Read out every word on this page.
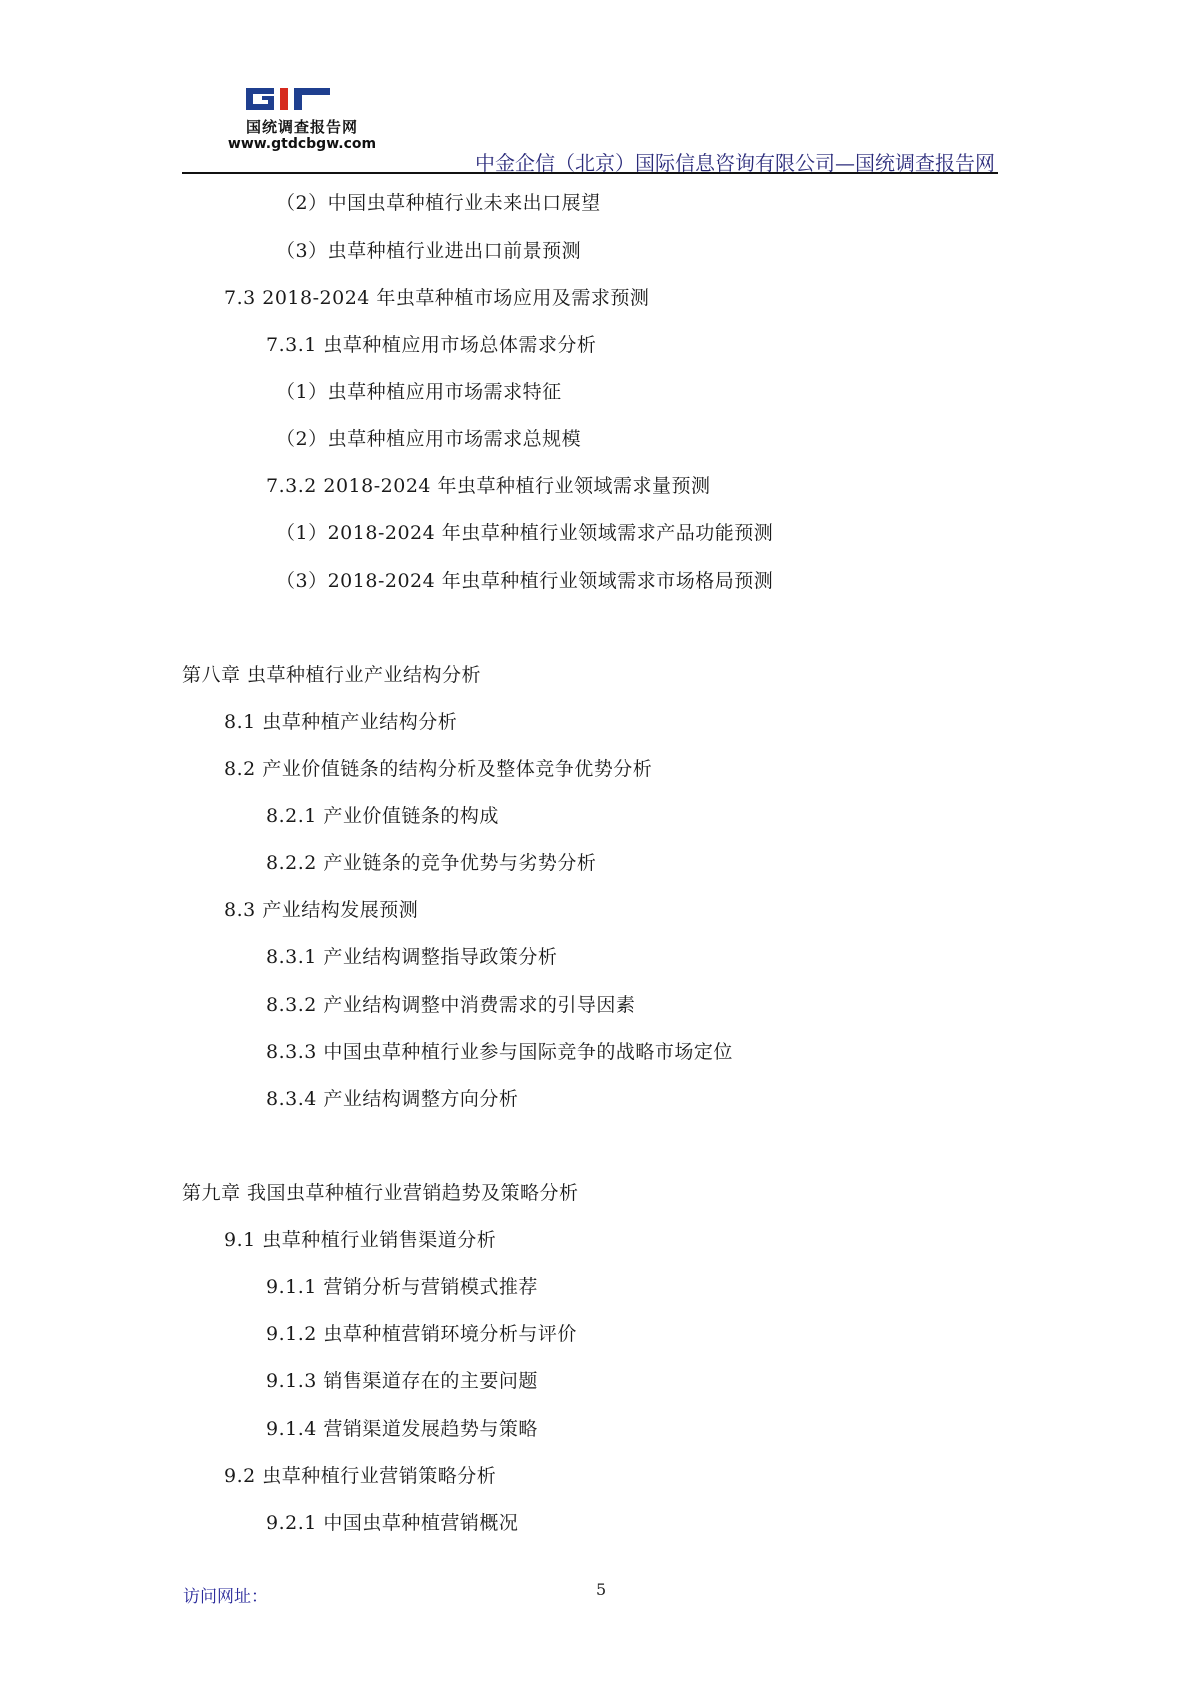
国统调查报告网
www.gtdcbgw.com
中金企信（北京）国际信息咨询有限公司—国统调查报告网
（2）中国虫草种植行业未来出口展望
（3）虫草种植行业进出口前景预测
7.3 2018-2024 年虫草种植市场应用及需求预测
7.3.1 虫草种植应用市场总体需求分析
（1）虫草种植应用市场需求特征
（2）虫草种植应用市场需求总规模
7.3.2 2018-2024 年虫草种植行业领域需求量预测
（1）2018-2024 年虫草种植行业领域需求产品功能预测
（3）2018-2024 年虫草种植行业领域需求市场格局预测
第八章 虫草种植行业产业结构分析
8.1 虫草种植产业结构分析
8.2 产业价值链条的结构分析及整体竞争优势分析
8.2.1 产业价值链条的构成
8.2.2 产业链条的竞争优势与劣势分析
8.3 产业结构发展预测
8.3.1 产业结构调整指导政策分析
8.3.2 产业结构调整中消费需求的引导因素
8.3.3 中国虫草种植行业参与国际竞争的战略市场定位
8.3.4 产业结构调整方向分析
第九章 我国虫草种植行业营销趋势及策略分析
9.1 虫草种植行业销售渠道分析
9.1.1 营销分析与营销模式推荐
9.1.2 虫草种植营销环境分析与评价
9.1.3 销售渠道存在的主要问题
9.1.4 营销渠道发展趋势与策略
9.2 虫草种植行业营销策略分析
9.2.1 中国虫草种植营销概况
访问网址：	5
